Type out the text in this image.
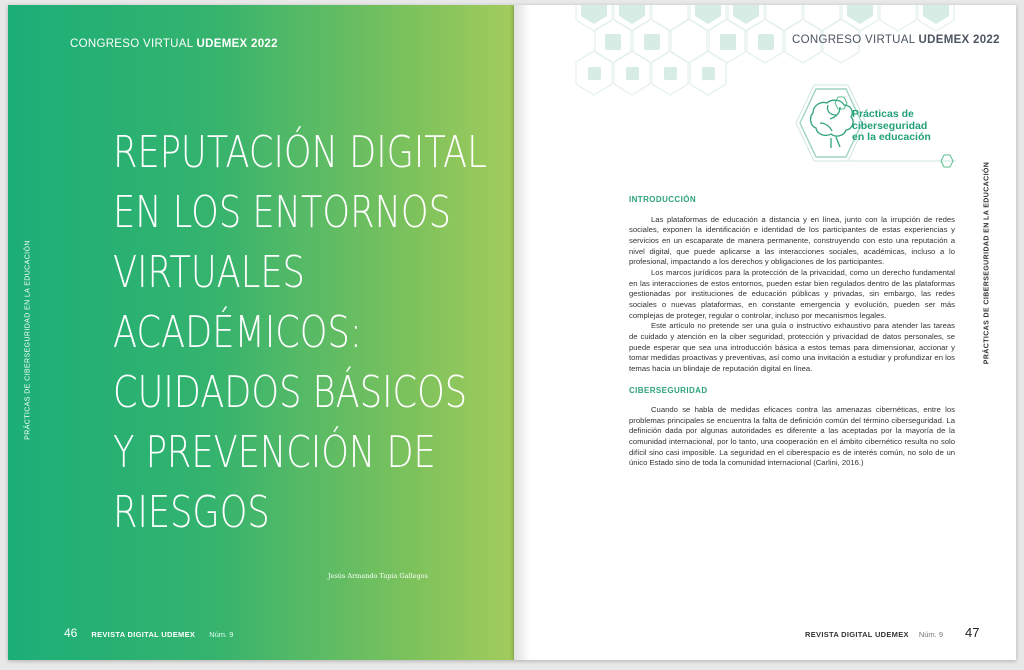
CONGRESO VIRTUAL UDEMEX 2022
PRÁCTICAS DE CIBERSEGURIDAD EN LA EDUCACIÓN
REPUTACIÓN DIGITAL
EN LOS ENTORNOS
VIRTUALES
ACADÉMICOS:
CUIDADOS BÁSICOS
Y PREVENCIÓN DE
RIESGOS
Jesús Armando Tapia Gallegos
46 REVISTA DIGITAL UDEMEX Núm. 9
Prácticas de
ciberseguridad
en la educación
CONGRESO VIRTUAL UDEMEX 2022
PRÁCTICAS DE CIBERSEGURIDAD EN LA EDUCACIÓN
INTRODUCCIÓN

Las plataformas de educación a distancia y en línea, junto con la irrupción de redes sociales, exponen la identificación e identidad de los participantes de estas experiencias y servicios en un escaparate de manera permanente, construyendo con esto una reputación a nivel digital, que puede aplicarse a las interacciones sociales, académicas, incluso a lo profesional, impactando a los derechos y obligaciones de los participantes.

Los marcos jurídicos para la protección de la privacidad, como un derecho fundamental en las interacciones de estos entornos, pueden estar bien regulados dentro de las plataformas gestionadas por instituciones de educación públicas y privadas, sin embargo, las redes sociales o nuevas plataformas, en constante emergencia y evolución, pueden ser más complejas de proteger, regular o controlar, incluso por mecanismos legales.

Este artículo no pretende ser una guía o instructivo exhaustivo para atender las tareas de cuidado y atención en la ciber seguridad, protección y privacidad de datos personales, se puede esperar que sea una introducción básica a estos temas para dimensionar, accionar y tomar medidas proactivas y preventivas, así como una invitación a estudiar y profundizar en los temas hacia un blindaje de reputación digital en línea.

CIBERSEGURIDAD

Cuando se habla de medidas eficaces contra las amenazas cibernéticas, entre los problemas principales se encuentra la falta de definición común del término ciberseguridad. La definición dada por algunas autoridades es diferente a las aceptadas por la mayoría de la comunidad internacional, por lo tanto, una cooperación en el ámbito cibernético resulta no solo difícil sino casi imposible. La seguridad en el ciberespacio es de interés común, no solo de un único Estado sino de toda la comunidad internacional (Carlini, 2016.)

REVISTA DIGITAL UDEMEX Núm. 9 47
